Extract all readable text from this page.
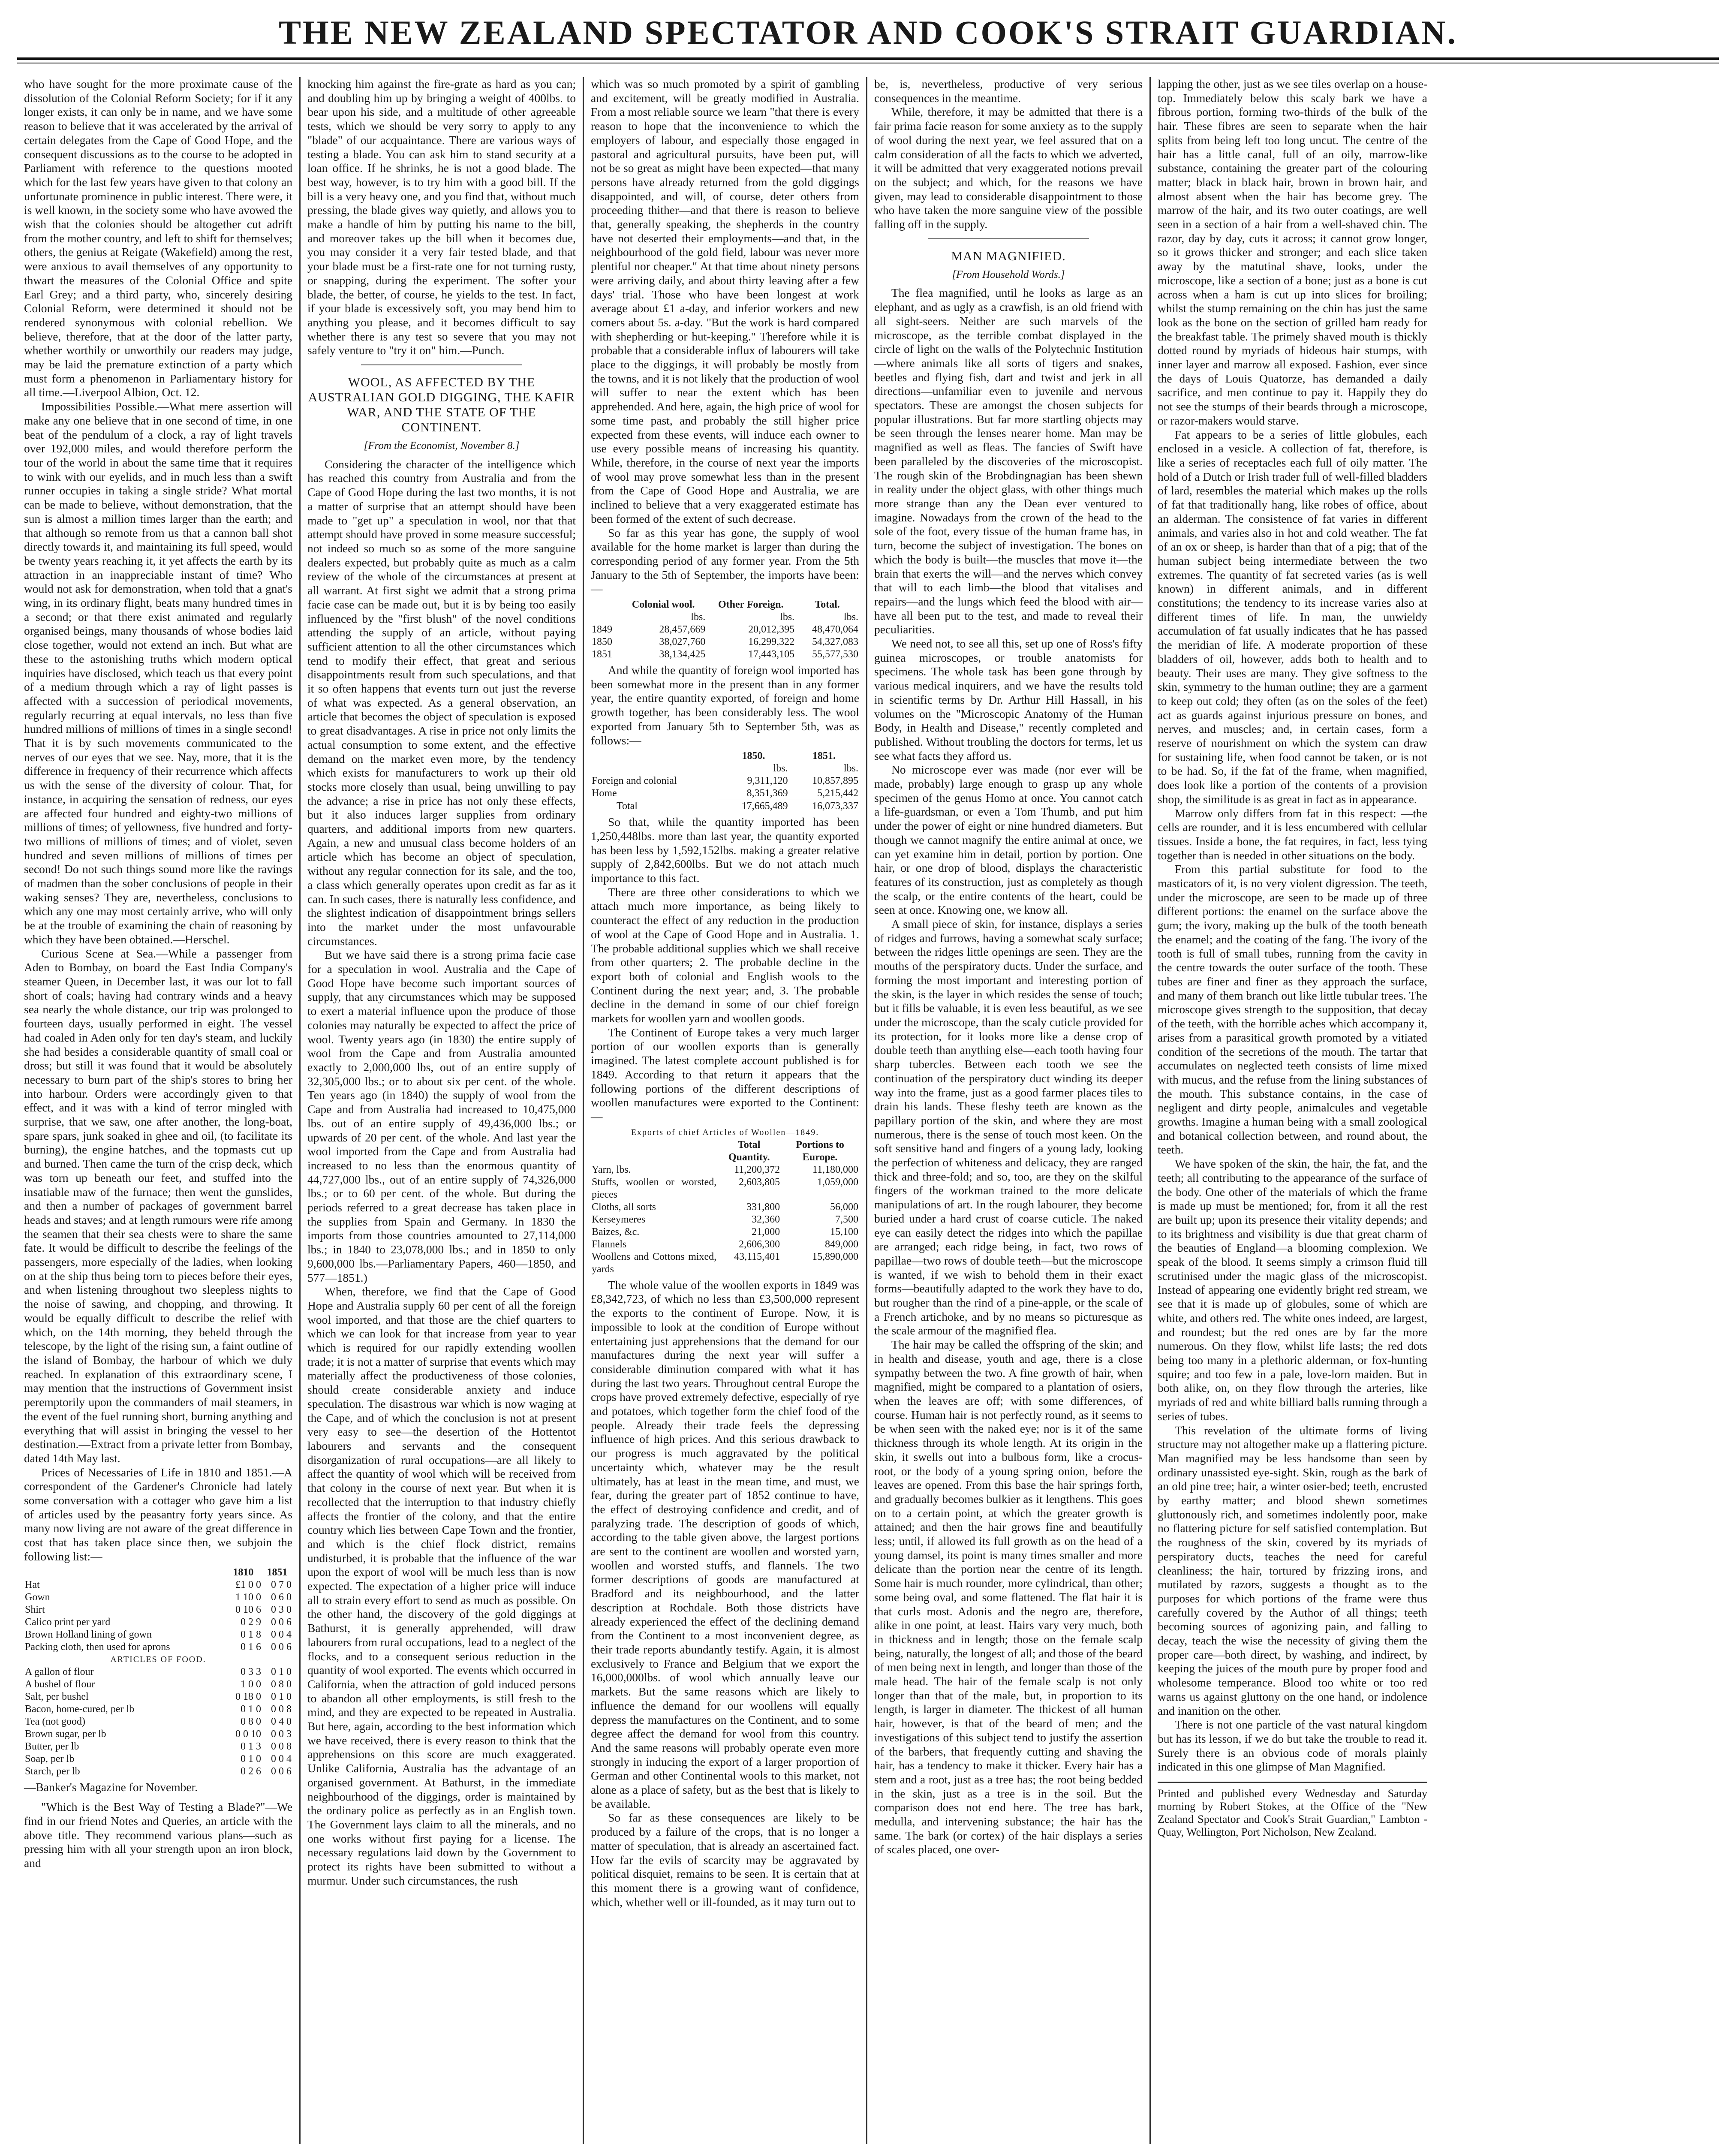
THE NEW ZEALAND SPECTATOR AND COOK'S STRAIT GUARDIAN.

who have sought for the more proximate cause of the dissolution of the Colonial Reform Society; for if it any longer exists, it can only be in name, and we have some reason to believe that it was accelerated by the arrival of certain delegates from the Cape of Good Hope, and the consequent discussions as to the course to be adopted in Parliament with reference to the questions mooted which for the last few years have given to that colony an unfortunate prominence in public interest. There were, it is well known, in the society some who have avowed the wish that the colonies should be altogether cut adrift from the mother country, and left to shift for themselves; others, the genius at Reigate (Wakefield) among the rest, were anxious to avail themselves of any opportunity to thwart the measures of the Colonial Office and spite Earl Grey; and a third party, who, sincerely desiring Colonial Reform, were determined it should not be rendered synonymous with colonial rebellion. We believe, therefore, that at the door of the latter party, whether worthily or unworthily our readers may judge, may be laid the premature extinction of a party which must form a phenomenon in Parliamentary history for all time.—Liverpool Albion, Oct. 12.

Impossibilities Possible.—What mere assertion will make any one believe that in one second of time, in one beat of the pendulum of a clock, a ray of light travels over 192,000 miles, and would therefore perform the tour of the world in about the same time that it requires to wink with our eyelids, and in much less than a swift runner occupies in taking a single stride? What mortal can be made to believe, without demonstration, that the sun is almost a million times larger than the earth; and that although so remote from us that a cannon ball shot directly towards it, and maintaining its full speed, would be twenty years reaching it, it yet affects the earth by its attraction in an inappreciable instant of time? Who would not ask for demonstration, when told that a gnat's wing, in its ordinary flight, beats many hundred times in a second; or that there exist animated and regularly organised beings, many thousands of whose bodies laid close together, would not extend an inch. But what are these to the astonishing truths which modern optical inquiries have disclosed, which teach us that every point of a medium through which a ray of light passes is affected with a succession of periodical movements, regularly recurring at equal intervals, no less than five hundred millions of millions of times in a single second! That it is by such movements communicated to the nerves of our eyes that we see. Nay, more, that it is the difference in frequency of their recurrence which affects us with the sense of the diversity of colour. That, for instance, in acquiring the sensation of redness, our eyes are affected four hundred and eighty-two millions of millions of times; of yellowness, five hundred and forty-two millions of millions of times; and of violet, seven hundred and seven millions of millions of times per second! Do not such things sound more like the ravings of madmen than the sober conclusions of people in their waking senses? They are, nevertheless, conclusions to which any one may most certainly arrive, who will only be at the trouble of examining the chain of reasoning by which they have been obtained.—Herschel.

Curious Scene at Sea.—While a passenger from Aden to Bombay, on board the East India Company's steamer Queen, in December last, it was our lot to fall short of coals; having had contrary winds and a heavy sea nearly the whole distance, our trip was prolonged to fourteen days, usually performed in eight. The vessel had coaled in Aden only for ten day's steam, and luckily she had besides a considerable quantity of small coal or dross; but still it was found that it would be absolutely necessary to burn part of the ship's stores to bring her into harbour. Orders were accordingly given to that effect, and it was with a kind of terror mingled with surprise, that we saw, one after another, the long-boat, spare spars, junk soaked in ghee and oil, (to facilitate its burning), the engine hatches, and the topmasts cut up and burned. Then came the turn of the crisp deck, which was torn up beneath our feet, and stuffed into the insatiable maw of the furnace; then went the gunslides, and then a number of packages of government barrel heads and staves; and at length rumours were rife among the seamen that their sea chests were to share the same fate. It would be difficult to describe the feelings of the passengers, more especially of the ladies, when looking on at the ship thus being torn to pieces before their eyes, and when listening throughout two sleepless nights to the noise of sawing, and chopping, and throwing. It would be equally difficult to describe the relief with which, on the 14th morning, they beheld through the telescope, by the light of the rising sun, a faint outline of the island of Bombay, the harbour of which we duly reached. In explanation of this extraordinary scene, I may mention that the instructions of Government insist peremptorily upon the commanders of mail steamers, in the event of the fuel running short, burning anything and everything that will assist in bringing the vessel to her destination.—Extract from a private letter from Bombay, dated 14th May last.

Prices of Necessaries of Life in 1810 and 1851.—A correspondent of the Gardener's Chronicle had lately some conversation with a cottager who gave him a list of articles used by the peasantry forty years since. As many now living are not aware of the great difference in cost that has taken place since then, we subjoin the following list:—

	1810	1851
Hat	£1 0 0	0 7 0
Gown	1 10 0	0 6 0
Shirt	0 10 6	0 3 0
Calico print per yard	0 2 9	0 0 6
Brown Holland lining of gown	0 1 8	0 0 4
Packing cloth, then used for aprons	0 1 6	0 0 6
ARTICLES OF FOOD.		
A gallon of flour	0 3 3	0 1 0
A bushel of flour	1 0 0	0 8 0
Salt, per bushel	0 18 0	0 1 0
Bacon, home-cured, per lb	0 1 0	0 0 8
Tea (not good)	0 8 0	0 4 0
Brown sugar, per lb	0 0 10	0 0 3
Butter, per lb	0 1 3	0 0 8
Soap, per lb	0 1 0	0 0 4
Starch, per lb	0 2 6	0 0 6

—Banker's Magazine for November.

"Which is the Best Way of Testing a Blade?"—We find in our friend Notes and Queries, an article with the above title. They recommend various plans—such as pressing him with all your strength upon an iron block, and

knocking him against the fire-grate as hard as you can; and doubling him up by bringing a weight of 400lbs. to bear upon his side, and a multitude of other agreeable tests, which we should be very sorry to apply to any "blade" of our acquaintance. There are various ways of testing a blade. You can ask him to stand security at a loan office. If he shrinks, he is not a good blade. The best way, however, is to try him with a good bill. If the bill is a very heavy one, and you find that, without much pressing, the blade gives way quietly, and allows you to make a handle of him by putting his name to the bill, and moreover takes up the bill when it becomes due, you may consider it a very fair tested blade, and that your blade must be a first-rate one for not turning rusty, or snapping, during the experiment. The softer your blade, the better, of course, he yields to the test. In fact, if your blade is excessively soft, you may bend him to anything you please, and it becomes difficult to say whether there is any test so severe that you may not safely venture to "try it on" him.—Punch.

WOOL, AS AFFECTED BY THE AUSTRALIAN GOLD DIGGING, THE KAFIR WAR, AND THE STATE OF THE CONTINENT.

[From the Economist, November 8.]

Considering the character of the intelligence which has reached this country from Australia and from the Cape of Good Hope during the last two months, it is not a matter of surprise that an attempt should have been made to "get up" a speculation in wool, nor that that attempt should have proved in some measure successful; not indeed so much so as some of the more sanguine dealers expected, but probably quite as much as a calm review of the whole of the circumstances at present at all warrant. At first sight we admit that a strong prima facie case can be made out, but it is by being too easily influenced by the "first blush" of the novel conditions attending the supply of an article, without paying sufficient attention to all the other circumstances which tend to modify their effect, that great and serious disappointments result from such speculations, and that it so often happens that events turn out just the reverse of what was expected. As a general observation, an article that becomes the object of speculation is exposed to great disadvantages. A rise in price not only limits the actual consumption to some extent, and the effective demand on the market even more, by the tendency which exists for manufacturers to work up their old stocks more closely than usual, being unwilling to pay the advance; a rise in price has not only these effects, but it also induces larger supplies from ordinary quarters, and additional imports from new quarters. Again, a new and unusual class become holders of an article which has become an object of speculation, without any regular connection for its sale, and the too, a class which generally operates upon credit as far as it can. In such cases, there is naturally less confidence, and the slightest indication of disappointment brings sellers into the market under the most unfavourable circumstances.

But we have said there is a strong prima facie case for a speculation in wool. Australia and the Cape of Good Hope have become such important sources of supply, that any circumstances which may be supposed to exert a material influence upon the produce of those colonies may naturally be expected to affect the price of wool. Twenty years ago (in 1830) the entire supply of wool from the Cape and from Australia amounted exactly to 2,000,000 lbs, out of an entire supply of 32,305,000 lbs.; or to about six per cent. of the whole. Ten years ago (in 1840) the supply of wool from the Cape and from Australia had increased to 10,475,000 lbs. out of an entire supply of 49,436,000 lbs.; or upwards of 20 per cent. of the whole. And last year the wool imported from the Cape and from Australia had increased to no less than the enormous quantity of 44,727,000 lbs., out of an entire supply of 74,326,000 lbs.; or to 60 per cent. of the whole. But during the periods referred to a great decrease has taken place in the supplies from Spain and Germany. In 1830 the imports from those countries amounted to 27,114,000 lbs.; in 1840 to 23,078,000 lbs.; and in 1850 to only 9,600,000 lbs.—Parliamentary Papers, 460—1850, and 577—1851.)

When, therefore, we find that the Cape of Good Hope and Australia supply 60 per cent of all the foreign wool imported, and that those are the chief quarters to which we can look for that increase from year to year which is required for our rapidly extending woollen trade; it is not a matter of surprise that events which may materially affect the productiveness of those colonies, should create considerable anxiety and induce speculation. The disastrous war which is now waging at the Cape, and of which the conclusion is not at present very easy to see—the desertion of the Hottentot labourers and servants and the consequent disorganization of rural occupations—are all likely to affect the quantity of wool which will be received from that colony in the course of next year. But when it is recollected that the interruption to that industry chiefly affects the frontier of the colony, and that the entire country which lies between Cape Town and the frontier, and which is the chief flock district, remains undisturbed, it is probable that the influence of the war upon the export of wool will be much less than is now expected. The expectation of a higher price will induce all to strain every effort to send as much as possible. On the other hand, the discovery of the gold diggings at Bathurst, it is generally apprehended, will draw labourers from rural occupations, lead to a neglect of the flocks, and to a consequent serious reduction in the quantity of wool exported. The events which occurred in California, when the attraction of gold induced persons to abandon all other employments, is still fresh to the mind, and they are expected to be repeated in Australia. But here, again, according to the best information which we have received, there is every reason to think that the apprehensions on this score are much exaggerated. Unlike California, Australia has the advantage of an organised government. At Bathurst, in the immediate neighbourhood of the diggings, order is maintained by the ordinary police as perfectly as in an English town. The Government lays claim to all the minerals, and no one works without first paying for a license. The necessary regulations laid down by the Government to protect its rights have been submitted to without a murmur. Under such circumstances, the rush

which was so much promoted by a spirit of gambling and excitement, will be greatly modified in Australia. From a most reliable source we learn "that there is every reason to hope that the inconvenience to which the employers of labour, and especially those engaged in pastoral and agricultural pursuits, have been put, will not be so great as might have been expected—that many persons have already returned from the gold diggings disappointed, and will, of course, deter others from proceeding thither—and that there is reason to believe that, generally speaking, the shepherds in the country have not deserted their employments—and that, in the neighbourhood of the gold field, labour was never more plentiful nor cheaper." At that time about ninety persons were arriving daily, and about thirty leaving after a few days' trial. Those who have been longest at work average about £1 a-day, and inferior workers and new comers about 5s. a-day. "But the work is hard compared with shepherding or hut-keeping." Therefore while it is probable that a considerable influx of labourers will take place to the diggings, it will probably be mostly from the towns, and it is not likely that the production of wool will suffer to near the extent which has been apprehended. And here, again, the high price of wool for some time past, and probably the still higher price expected from these events, will induce each owner to use every possible means of increasing his quantity. While, therefore, in the course of next year the imports of wool may prove somewhat less than in the present from the Cape of Good Hope and Australia, we are inclined to believe that a very exaggerated estimate has been formed of the extent of such decrease.

So far as this year has gone, the supply of wool available for the home market is larger than during the corresponding period of any former year. From the 5th January to the 5th of September, the imports have been:—

	Colonial wool.	Other Foreign.	Total.
	lbs.	lbs.	lbs.
1849	28,457,669	20,012,395	48,470,064
1850	38,027,760	16,299,322	54,327,083
1851	38,134,425	17,443,105	55,577,530

And while the quantity of foreign wool imported has been somewhat more in the present than in any former year, the entire quantity exported, of foreign and home growth together, has been considerably less. The wool exported from January 5th to September 5th, was as follows:—

	1850.	1851.
	lbs.	lbs.
Foreign and colonial	9,311,120	10,857,895
Home	8,351,369	5,215,442
Total	17,665,489	16,073,337

So that, while the quantity imported has been 1,250,448lbs. more than last year, the quantity exported has been less by 1,592,152lbs. making a greater relative supply of 2,842,600lbs. But we do not attach much importance to this fact.

There are three other considerations to which we attach much more importance, as being likely to counteract the effect of any reduction in the production of wool at the Cape of Good Hope and in Australia. 1. The probable additional supplies which we shall receive from other quarters; 2. The probable decline in the export both of colonial and English wools to the Continent during the next year; and, 3. The probable decline in the demand in some of our chief foreign markets for woollen yarn and woollen goods.

The Continent of Europe takes a very much larger portion of our woollen exports than is generally imagined. The latest complete account published is for 1849. According to that return it appears that the following portions of the different descriptions of woollen manufactures were exported to the Continent:—

Exports of chief Articles of Woollen—1849.		
	Total Quantity.	Portions to Europe.
Yarn, lbs.	11,200,372	11,180,000
Stuffs, woollen or worsted, pieces	2,603,805	1,059,000
Cloths, all sorts	331,800	56,000
Kerseymeres	32,360	7,500
Baizes, &c.	21,000	15,100
Flannels	2,606,300	849,000
Woollens and Cottons mixed, yards	43,115,401	15,890,000

The whole value of the woollen exports in 1849 was £8,342,723, of which no less than £3,500,000 represent the exports to the continent of Europe. Now, it is impossible to look at the condition of Europe without entertaining just apprehensions that the demand for our manufactures during the next year will suffer a considerable diminution compared with what it has during the last two years. Throughout central Europe the crops have proved extremely defective, especially of rye and potatoes, which together form the chief food of the people. Already their trade feels the depressing influence of high prices. And this serious drawback to our progress is much aggravated by the political uncertainty which, whatever may be the result ultimately, has at least in the mean time, and must, we fear, during the greater part of 1852 continue to have, the effect of destroying confidence and credit, and of paralyzing trade. The description of goods of which, according to the table given above, the largest portions are sent to the continent are woollen and worsted yarn, woollen and worsted stuffs, and flannels. The two former descriptions of goods are manufactured at Bradford and its neighbourhood, and the latter description at Rochdale. Both those districts have already experienced the effect of the declining demand from the Continent to a most inconvenient degree, as their trade reports abundantly testify. Again, it is almost exclusively to France and Belgium that we export the 16,000,000lbs. of wool which annually leave our markets. But the same reasons which are likely to influence the demand for our woollens will equally depress the manufactures on the Continent, and to some degree affect the demand for wool from this country. And the same reasons will probably operate even more strongly in inducing the export of a larger proportion of German and other Continental wools to this market, not alone as a place of safety, but as the best that is likely to be available.

So far as these consequences are likely to be produced by a failure of the crops, that is no longer a matter of speculation, that is already an ascertained fact. How far the evils of scarcity may be aggravated by political disquiet, remains to be seen. It is certain that at this moment there is a growing want of confidence, which, whether well or ill-founded, as it may turn out to

be, is, nevertheless, productive of very serious consequences in the meantime.

While, therefore, it may be admitted that there is a fair prima facie reason for some anxiety as to the supply of wool during the next year, we feel assured that on a calm consideration of all the facts to which we adverted, it will be admitted that very exaggerated notions prevail on the subject; and which, for the reasons we have given, may lead to considerable disappointment to those who have taken the more sanguine view of the possible falling off in the supply.

MAN MAGNIFIED.

[From Household Words.]

The flea magnified, until he looks as large as an elephant, and as ugly as a crawfish, is an old friend with all sight-seers. Neither are such marvels of the microscope, as the terrible combat displayed in the circle of light on the walls of the Polytechnic Institution—where animals like all sorts of tigers and snakes, beetles and flying fish, dart and twist and jerk in all directions—unfamiliar even to juvenile and nervous spectators. These are amongst the chosen subjects for popular illustrations. But far more startling objects may be seen through the lenses nearer home. Man may be magnified as well as fleas. The fancies of Swift have been paralleled by the discoveries of the microscopist. The rough skin of the Brobdingnagian has been shewn in reality under the object glass, with other things much more strange than any the Dean ever ventured to imagine. Nowadays from the crown of the head to the sole of the foot, every tissue of the human frame has, in turn, become the subject of investigation. The bones on which the body is built—the muscles that move it—the brain that exerts the will—and the nerves which convey that will to each limb—the blood that vitalises and repairs—and the lungs which feed the blood with air—have all been put to the test, and made to reveal their peculiarities.

We need not, to see all this, set up one of Ross's fifty guinea microscopes, or trouble anatomists for specimens. The whole task has been gone through by various medical inquirers, and we have the results told in scientific terms by Dr. Arthur Hill Hassall, in his volumes on the "Microscopic Anatomy of the Human Body, in Health and Disease," recently completed and published. Without troubling the doctors for terms, let us see what facts they afford us.

No microscope ever was made (nor ever will be made, probably) large enough to grasp up any whole specimen of the genus Homo at once. You cannot catch a life-guardsman, or even a Tom Thumb, and put him under the power of eight or nine hundred diameters. But though we cannot magnify the entire animal at once, we can yet examine him in detail, portion by portion. One hair, or one drop of blood, displays the characteristic features of its construction, just as completely as though the scalp, or the entire contents of the heart, could be seen at once. Knowing one, we know all.

A small piece of skin, for instance, displays a series of ridges and furrows, having a somewhat scaly surface; between the ridges little openings are seen. They are the mouths of the perspiratory ducts. Under the surface, and forming the most important and interesting portion of the skin, is the layer in which resides the sense of touch; but it fills be valuable, it is even less beautiful, as we see under the microscope, than the scaly cuticle provided for its protection, for it looks more like a dense crop of double teeth than anything else—each tooth having four sharp tubercles. Between each tooth we see the continuation of the perspiratory duct winding its deeper way into the frame, just as a good farmer places tiles to drain his lands. These fleshy teeth are known as the papillary portion of the skin, and where they are most numerous, there is the sense of touch most keen. On the soft sensitive hand and fingers of a young lady, looking the perfection of whiteness and delicacy, they are ranged thick and three-fold; and so, too, are they on the skilful fingers of the workman trained to the more delicate manipulations of art. In the rough labourer, they become buried under a hard crust of coarse cuticle. The naked eye can easily detect the ridges into which the papillae are arranged; each ridge being, in fact, two rows of papillae—two rows of double teeth—but the microscope is wanted, if we wish to behold them in their exact forms—beautifully adapted to the work they have to do, but rougher than the rind of a pine-apple, or the scale of a French artichoke, and by no means so picturesque as the scale armour of the magnified flea.

The hair may be called the offspring of the skin; and in health and disease, youth and age, there is a close sympathy between the two. A fine growth of hair, when magnified, might be compared to a plantation of osiers, when the leaves are off; with some differences, of course. Human hair is not perfectly round, as it seems to be when seen with the naked eye; nor is it of the same thickness through its whole length. At its origin in the skin, it swells out into a bulbous form, like a crocus-root, or the body of a young spring onion, before the leaves are opened. From this base the hair springs forth, and gradually becomes bulkier as it lengthens. This goes on to a certain point, at which the greater growth is attained; and then the hair grows fine and beautifully less; until, if allowed its full growth as on the head of a young damsel, its point is many times smaller and more delicate than the portion near the centre of its length. Some hair is much rounder, more cylindrical, than other; some being oval, and some flattened. The flat hair it is that curls most. Adonis and the negro are, therefore, alike in one point, at least. Hairs vary very much, both in thickness and in length; those on the female scalp being, naturally, the longest of all; and those of the beard of men being next in length, and longer than those of the male head. The hair of the female scalp is not only longer than that of the male, but, in proportion to its length, is larger in diameter. The thickest of all human hair, however, is that of the beard of men; and the investigations of this subject tend to justify the assertion of the barbers, that frequently cutting and shaving the hair, has a tendency to make it thicker. Every hair has a stem and a root, just as a tree has; the root being bedded in the skin, just as a tree is in the soil. But the comparison does not end here. The tree has bark, medulla, and intervening substance; the hair has the same. The bark (or cortex) of the hair displays a series of scales placed, one over-

lapping the other, just as we see tiles overlap on a house-top. Immediately below this scaly bark we have a fibrous portion, forming two-thirds of the bulk of the hair. These fibres are seen to separate when the hair splits from being left too long uncut. The centre of the hair has a little canal, full of an oily, marrow-like substance, containing the greater part of the colouring matter; black in black hair, brown in brown hair, and almost absent when the hair has become grey. The marrow of the hair, and its two outer coatings, are well seen in a section of a hair from a well-shaved chin. The razor, day by day, cuts it across; it cannot grow longer, so it grows thicker and stronger; and each slice taken away by the matutinal shave, looks, under the microscope, like a section of a bone; just as a bone is cut across when a ham is cut up into slices for broiling; whilst the stump remaining on the chin has just the same look as the bone on the section of grilled ham ready for the breakfast table. The primely shaved mouth is thickly dotted round by myriads of hideous hair stumps, with inner layer and marrow all exposed. Fashion, ever since the days of Louis Quatorze, has demanded a daily sacrifice, and men continue to pay it. Happily they do not see the stumps of their beards through a microscope, or razor-makers would starve.

Fat appears to be a series of little globules, each enclosed in a vesicle. A collection of fat, therefore, is like a series of receptacles each full of oily matter. The hold of a Dutch or Irish trader full of well-filled bladders of lard, resembles the material which makes up the rolls of fat that traditionally hang, like robes of office, about an alderman. The consistence of fat varies in different animals, and varies also in hot and cold weather. The fat of an ox or sheep, is harder than that of a pig; that of the human subject being intermediate between the two extremes. The quantity of fat secreted varies (as is well known) in different animals, and in different constitutions; the tendency to its increase varies also at different times of life. In man, the unwieldy accumulation of fat usually indicates that he has passed the meridian of life. A moderate proportion of these bladders of oil, however, adds both to health and to beauty. Their uses are many. They give softness to the skin, symmetry to the human outline; they are a garment to keep out cold; they often (as on the soles of the feet) act as guards against injurious pressure on bones, and nerves, and muscles; and, in certain cases, form a reserve of nourishment on which the system can draw for sustaining life, when food cannot be taken, or is not to be had. So, if the fat of the frame, when magnified, does look like a portion of the contents of a provision shop, the similitude is as great in fact as in appearance.

Marrow only differs from fat in this respect: —the cells are rounder, and it is less encumbered with cellular tissues. Inside a bone, the fat requires, in fact, less tying together than is needed in other situations on the body.

From this partial substitute for food to the masticators of it, is no very violent digression. The teeth, under the microscope, are seen to be made up of three different portions: the enamel on the surface above the gum; the ivory, making up the bulk of the tooth beneath the enamel; and the coating of the fang. The ivory of the tooth is full of small tubes, running from the cavity in the centre towards the outer surface of the tooth. These tubes are finer and finer as they approach the surface, and many of them branch out like little tubular trees. The microscope gives strength to the supposition, that decay of the teeth, with the horrible aches which accompany it, arises from a parasitical growth promoted by a vitiated condition of the secretions of the mouth. The tartar that accumulates on neglected teeth consists of lime mixed with mucus, and the refuse from the lining substances of the mouth. This substance contains, in the case of negligent and dirty people, animalcules and vegetable growths. Imagine a human being with a small zoological and botanical collection between, and round about, the teeth.

We have spoken of the skin, the hair, the fat, and the teeth; all contributing to the appearance of the surface of the body. One other of the materials of which the frame is made up must be mentioned; for, from it all the rest are built up; upon its presence their vitality depends; and to its brightness and visibility is due that great charm of the beauties of England—a blooming complexion. We speak of the blood. It seems simply a crimson fluid till scrutinised under the magic glass of the microscopist. Instead of appearing one evidently bright red stream, we see that it is made up of globules, some of which are white, and others red. The white ones indeed, are largest, and roundest; but the red ones are by far the more numerous. On they flow, whilst life lasts; the red dots being too many in a plethoric alderman, or fox-hunting squire; and too few in a pale, love-lorn maiden. But in both alike, on, on they flow through the arteries, like myriads of red and white billiard balls running through a series of tubes.

This revelation of the ultimate forms of living structure may not altogether make up a flattering picture. Man magnified may be less handsome than seen by ordinary unassisted eye-sight. Skin, rough as the bark of an old pine tree; hair, a winter osier-bed; teeth, encrusted by earthy matter; and blood shewn sometimes gluttonously rich, and sometimes indolently poor, make no flattering picture for self satisfied contemplation. But the roughness of the skin, covered by its myriads of perspiratory ducts, teaches the need for careful cleanliness; the hair, tortured by frizzing irons, and mutilated by razors, suggests a thought as to the purposes for which portions of the frame were thus carefully covered by the Author of all things; teeth becoming sources of agonizing pain, and falling to decay, teach the wise the necessity of giving them the proper care—both direct, by washing, and indirect, by keeping the juices of the mouth pure by proper food and wholesome temperance. Blood too white or too red warns us against gluttony on the one hand, or indolence and inanition on the other.

There is not one particle of the vast natural kingdom but has its lesson, if we do but take the trouble to read it. Surely there is an obvious code of morals plainly indicated in this one glimpse of Man Magnified.

Printed and published every Wednesday and Saturday morning by Robert Stokes, at the Office of the "New Zealand Spectator and Cook's Strait Guardian," Lambton - Quay, Wellington, Port Nicholson, New Zealand.
